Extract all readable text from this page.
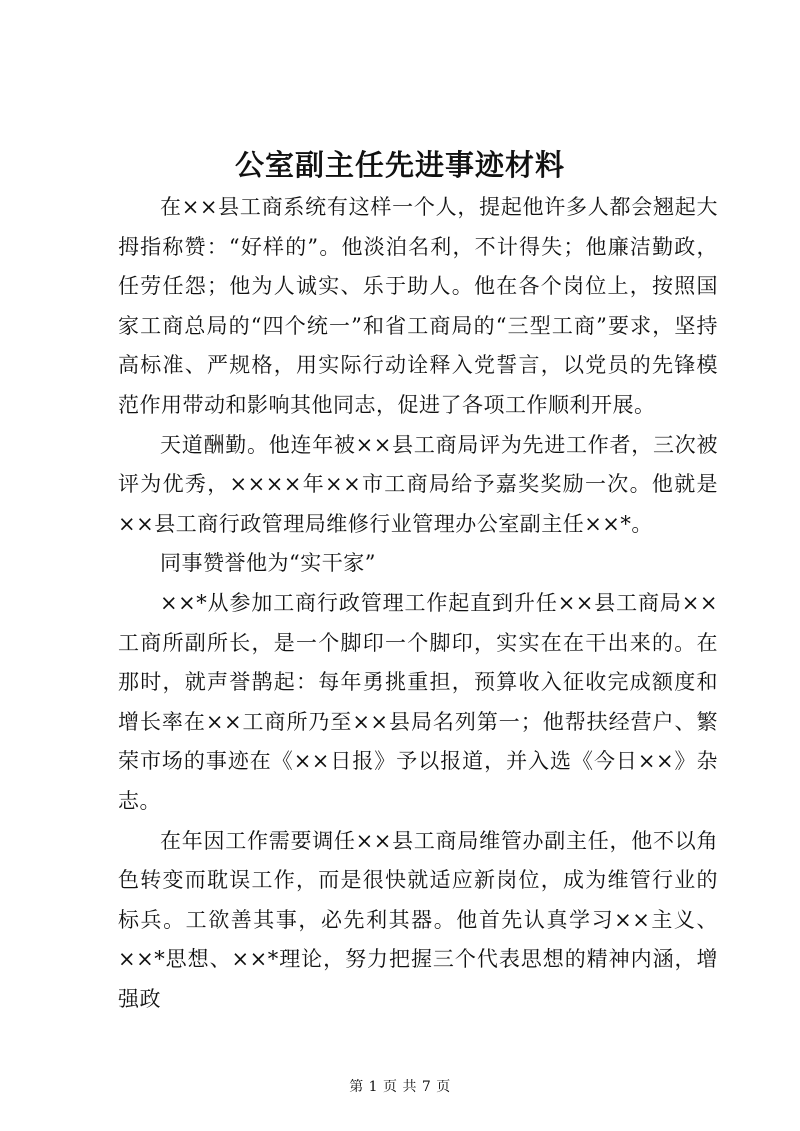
公室副主任先进事迹材料

在××县工商系统有这样一个人，提起他许多人都会翘起大拇指称赞：“好样的”。他淡泊名利，不计得失；他廉洁勤政，任劳任怨；他为人诚实、乐于助人。他在各个岗位上，按照国家工商总局的“四个统一”和省工商局的“三型工商”要求，坚持高标准、严规格，用实际行动诠释入党誓言，以党员的先锋模范作用带动和影响其他同志，促进了各项工作顺利开展。

天道酬勤。他连年被××县工商局评为先进工作者，三次被评为优秀，××××年××市工商局给予嘉奖奖励一次。他就是××县工商行政管理局维修行业管理办公室副主任××*。

同事赞誉他为“实干家”

××*从参加工商行政管理工作起直到升任××县工商局××工商所副所长，是一个脚印一个脚印，实实在在干出来的。在那时，就声誉鹊起：每年勇挑重担，预算收入征收完成额度和增长率在××工商所乃至××县局名列第一；他帮扶经营户、繁荣市场的事迹在《××日报》予以报道，并入选《今日××》杂志。

在年因工作需要调任××县工商局维管办副主任，他不以角色转变而耽误工作，而是很快就适应新岗位，成为维管行业的标兵。工欲善其事，必先利其器。他首先认真学习××主义、××*思想、××*理论，努力把握三个代表思想的精神内涵，增强政

第 1 页 共 7 页
